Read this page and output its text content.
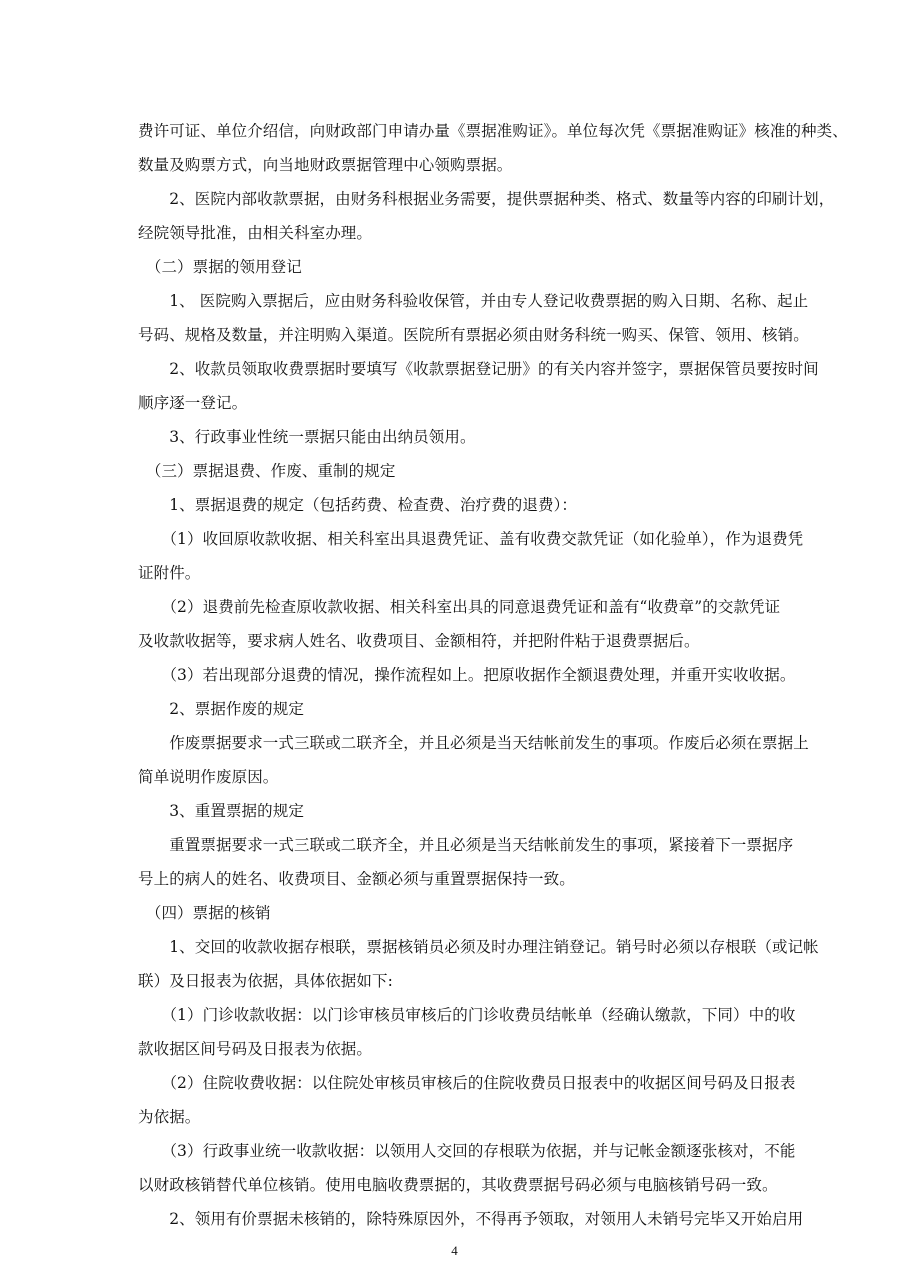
费许可证、单位介绍信，向财政部门申请办量《票据准购证》。单位每次凭《票据准购证》核准的种类、
数量及购票方式，向当地财政票据管理中心领购票据。
　　2、医院内部收款票据，由财务科根据业务需要，提供票据种类、格式、数量等内容的印刷计划，
经院领导批准，由相关科室办理。
　（二）票据的领用登记
　　1、 医院购入票据后，应由财务科验收保管，并由专人登记收费票据的购入日期、名称、起止
号码、规格及数量，并注明购入渠道。医院所有票据必须由财务科统一购买、保管、领用、核销。
　　2、收款员领取收费票据时要填写《收款票据登记册》的有关内容并签字，票据保管员要按时间
顺序逐一登记。
　　3、行政事业性统一票据只能由出纳员领用。
　（三）票据退费、作废、重制的规定
　　1、票据退费的规定（包括药费、检查费、治疗费的退费）：
　　（1）收回原收款收据、相关科室出具退费凭证、盖有收费交款凭证（如化验单），作为退费凭
证附件。
　　（2）退费前先检查原收款收据、相关科室出具的同意退费凭证和盖有“收费章”的交款凭证
及收款收据等，要求病人姓名、收费项目、金额相符，并把附件粘于退费票据后。
　　（3）若出现部分退费的情况，操作流程如上。把原收据作全额退费处理，并重开实收收据。
　　2、票据作废的规定
　　作废票据要求一式三联或二联齐全，并且必须是当天结帐前发生的事项。作废后必须在票据上
简单说明作废原因。
　　3、重置票据的规定
　　重置票据要求一式三联或二联齐全，并且必须是当天结帐前发生的事项，紧接着下一票据序
号上的病人的姓名、收费项目、金额必须与重置票据保持一致。
　（四）票据的核销
　　1、交回的收款收据存根联，票据核销员必须及时办理注销登记。销号时必须以存根联（或记帐
联）及日报表为依据，具体依据如下:
　　（1）门诊收款收据：以门诊审核员审核后的门诊收费员结帐单（经确认缴款，下同）中的收
款收据区间号码及日报表为依据。
　　（2）住院收费收据：以住院处审核员审核后的住院收费员日报表中的收据区间号码及日报表
为依据。
　　（3）行政事业统一收款收据：以领用人交回的存根联为依据，并与记帐金额逐张核对，不能
以财政核销替代单位核销。使用电脑收费票据的，其收费票据号码必须与电脑核销号码一致。
　　2、领用有价票据未核销的，除特殊原因外，不得再予领取，对领用人未销号完毕又开始启用
4
